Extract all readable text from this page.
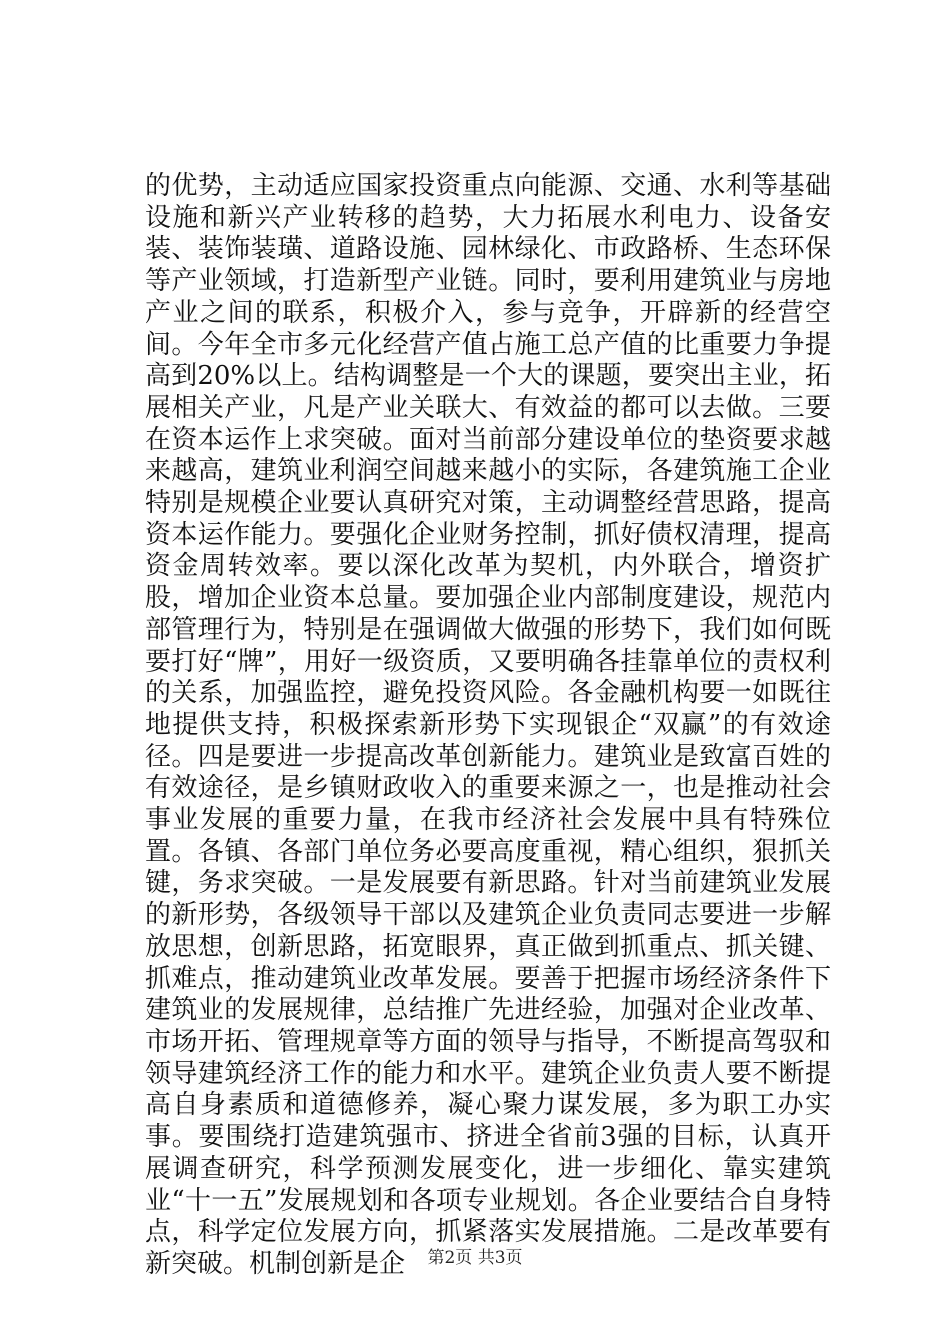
的优势，主动适应国家投资重点向能源、交通、水利等基础设施和新兴产业转移的趋势，大力拓展水利电力、设备安装、装饰装璜、道路设施、园林绿化、市政路桥、生态环保等产业领域，打造新型产业链。同时，要利用建筑业与房地产业之间的联系，积极介入，参与竞争，开辟新的经营空间。今年全市多元化经营产值占施工总产值的比重要力争提高到20%以上。结构调整是一个大的课题，要突出主业，拓展相关产业，凡是产业关联大、有效益的都可以去做。三要在资本运作上求突破。面对当前部分建设单位的垫资要求越来越高，建筑业利润空间越来越小的实际，各建筑施工企业特别是规模企业要认真研究对策，主动调整经营思路，提高资本运作能力。要强化企业财务控制，抓好债权清理，提高资金周转效率。要以深化改革为契机，内外联合，增资扩股，增加企业资本总量。要加强企业内部制度建设，规范内部管理行为，特别是在强调做大做强的形势下，我们如何既要打好“牌”，用好一级资质，又要明确各挂靠单位的责权利的关系，加强监控，避免投资风险。各金融机构要一如既往地提供支持，积极探索新形势下实现银企“双赢”的有效途径。四是要进一步提高改革创新能力。建筑业是致富百姓的有效途径，是乡镇财政收入的重要来源之一，也是推动社会事业发展的重要力量，在我市经济社会发展中具有特殊位置。各镇、各部门单位务必要高度重视，精心组织，狠抓关键，务求突破。一是发展要有新思路。针对当前建筑业发展的新形势，各级领导干部以及建筑企业负责同志要进一步解放思想，创新思路，拓宽眼界，真正做到抓重点、抓关键、抓难点，推动建筑业改革发展。要善于把握市场经济条件下建筑业的发展规律，总结推广先进经验，加强对企业改革、市场开拓、管理规章等方面的领导与指导，不断提高驾驭和领导建筑经济工作的能力和水平。建筑企业负责人要不断提高自身素质和道德修养，凝心聚力谋发展，多为职工办实事。要围绕打造建筑强市、挤进全省前3强的目标，认真开展调查研究，科学预测发展变化，进一步细化、靠实建筑业“十一五”发展规划和各项专业规划。各企业要结合自身特点，科学定位发展方向，抓紧落实发展措施。二是改革要有新突破。机制创新是企	第2页 共3页
